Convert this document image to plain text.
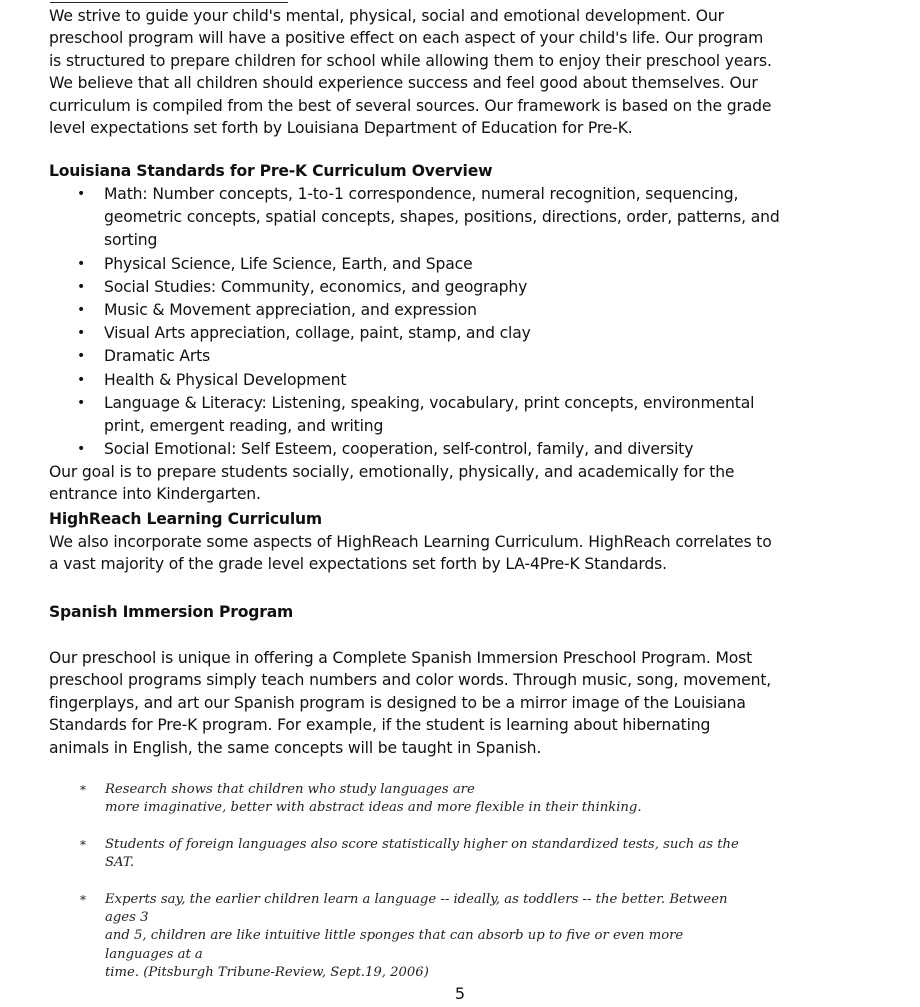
We strive to guide your child's mental, physical, social and emotional development. Our
preschool program will have a positive effect on each aspect of your child's life. Our program
is structured to prepare children for school while allowing them to enjoy their preschool years.
We believe that all children should experience success and feel good about themselves. Our
curriculum is compiled from the best of several sources. Our framework is based on the grade
level expectations set forth by Louisiana Department of Education for Pre-K.
Louisiana Standards for Pre-K Curriculum Overview
• Math: Number concepts, 1-to-1 correspondence, numeral recognition, sequencing,
geometric concepts, spatial concepts, shapes, positions, directions, order, patterns, and
sorting
• Physical Science, Life Science, Earth, and Space
• Social Studies: Community, economics, and geography
• Music & Movement appreciation, and expression
• Visual Arts appreciation, collage, paint, stamp, and clay
• Dramatic Arts
• Health & Physical Development
• Language & Literacy: Listening, speaking, vocabulary, print concepts, environmental
print, emergent reading, and writing
• Social Emotional: Self Esteem, cooperation, self-control, family, and diversity
Our goal is to prepare students socially, emotionally, physically, and academically for the
entrance into Kindergarten.
HighReach Learning Curriculum
We also incorporate some aspects of HighReach Learning Curriculum. HighReach correlates to
a vast majority of the grade level expectations set forth by LA-4Pre-K Standards.
Spanish Immersion Program
Our preschool is unique in offering a Complete Spanish Immersion Preschool Program. Most
preschool programs simply teach numbers and color words. Through music, song, movement,
fingerplays, and art our Spanish program is designed to be a mirror image of the Louisiana
Standards for Pre-K program. For example, if the student is learning about hibernating
animals in English, the same concepts will be taught in Spanish.
* Research shows that children who study languages are
more imaginative, better with abstract ideas and more flexible in their thinking.
* Students of foreign languages also score statistically higher on standardized tests, such as the SAT.
* Experts say, the earlier children learn a language -- ideally, as toddlers -- the better. Between ages 3
and 5, children are like intuitive little sponges that can absorb up to five or even more languages at a
time. (Pitsburgh Tribune-Review, Sept.19, 2006)
5
